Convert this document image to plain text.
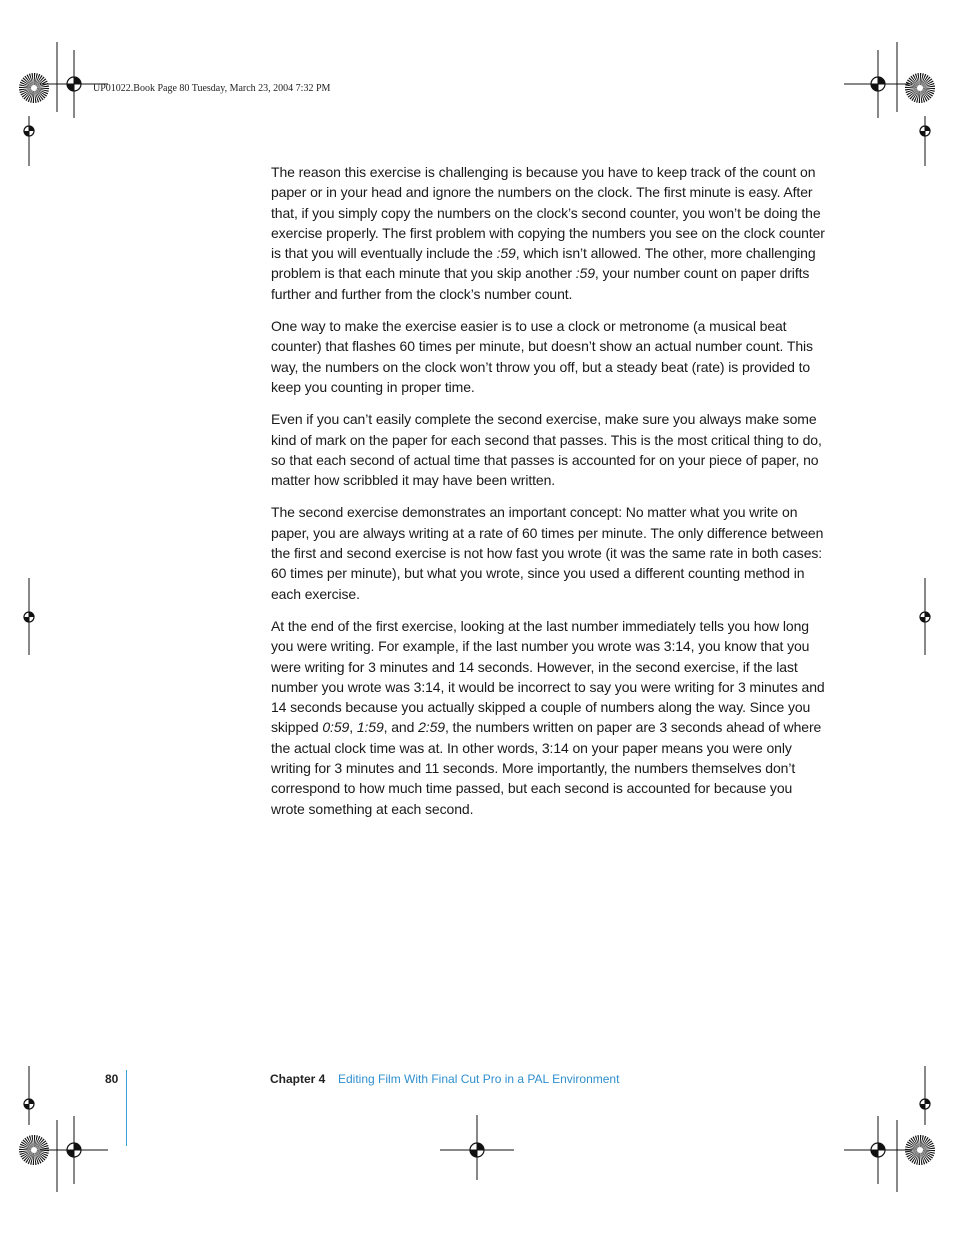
UP01022.Book Page 80 Tuesday, March 23, 2004 7:32 PM

The reason this exercise is challenging is because you have to keep track of the count on paper or in your head and ignore the numbers on the clock. The first minute is easy. After that, if you simply copy the numbers on the clock’s second counter, you won’t be doing the exercise properly. The first problem with copying the numbers you see on the clock counter is that you will eventually include the :59, which isn’t allowed. The other, more challenging problem is that each minute that you skip another :59, your number count on paper drifts further and further from the clock’s number count.

One way to make the exercise easier is to use a clock or metronome (a musical beat counter) that flashes 60 times per minute, but doesn’t show an actual number count. This way, the numbers on the clock won’t throw you off, but a steady beat (rate) is provided to keep you counting in proper time.

Even if you can’t easily complete the second exercise, make sure you always make some kind of mark on the paper for each second that passes. This is the most critical thing to do, so that each second of actual time that passes is accounted for on your piece of paper, no matter how scribbled it may have been written.

The second exercise demonstrates an important concept: No matter what you write on paper, you are always writing at a rate of 60 times per minute. The only difference between the first and second exercise is not how fast you wrote (it was the same rate in both cases: 60 times per minute), but what you wrote, since you used a different counting method in each exercise.

At the end of the first exercise, looking at the last number immediately tells you how long you were writing. For example, if the last number you wrote was 3:14, you know that you were writing for 3 minutes and 14 seconds. However, in the second exercise, if the last number you wrote was 3:14, it would be incorrect to say you were writing for 3 minutes and 14 seconds because you actually skipped a couple of numbers along the way. Since you skipped 0:59, 1:59, and 2:59, the numbers written on paper are 3 seconds ahead of where the actual clock time was at. In other words, 3:14 on your paper means you were only writing for 3 minutes and 11 seconds. More importantly, the numbers themselves don’t correspond to how much time passed, but each second is accounted for because you wrote something at each second.

80	Chapter 4 Editing Film With Final Cut Pro in a PAL Environment
